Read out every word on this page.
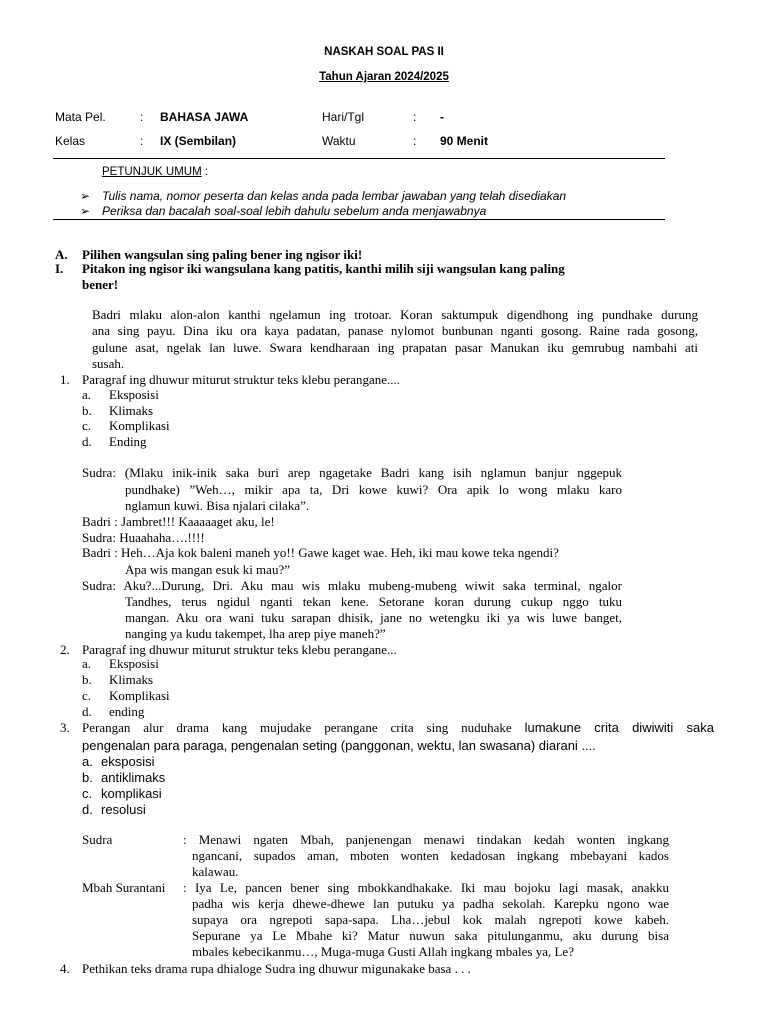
NASKAH SOAL PAS II
Tahun Ajaran 2024/2025
Mata Pel.	: BAHASA JAWA	Hari/Tgl	: -
Kelas	: IX (Sembilan)	Waktu	: 90 Menit
PETUNJUK UMUM :
➢ Tulis nama, nomor peserta dan kelas anda pada lembar jawaban yang telah disediakan
➢ Periksa dan bacalah soal-soal lebih dahulu sebelum anda menjawabnya
A. Pilihen wangsulan sing paling bener ing ngisor iki!
I. Pitakon ing ngisor iki wangsulana kang patitis, kanthi milih siji wangsulan kang paling
bener!
Badri mlaku alon-alon kanthi ngelamun ing trotoar. Koran saktumpuk digendhong ing pundhake durung
ana sing payu. Dina iku ora kaya padatan, panase nylomot bunbunan nganti gosong. Raine rada gosong,
gulune asat, ngelak lan luwe. Swara kendharaan ing prapatan pasar Manukan iku gemrubug nambahi ati
susah.
1. Paragraf ing dhuwur miturut struktur teks klebu perangane....
a. Eksposisi
b. Klimaks
c. Komplikasi
d. Ending
Sudra: (Mlaku inik-inik saka buri arep ngagetake Badri kang isih nglamun banjur nggepuk
pundhake) ”Weh…, mikir apa ta, Dri kowe kuwi? Ora apik lo wong mlaku karo
nglamun kuwi. Bisa njalari cilaka”.
Badri : Jambret!!! Kaaaaaget aku, le!
Sudra: Huaahaha….!!!!
Badri : Heh…Aja kok baleni maneh yo!! Gawe kaget wae. Heh, iki mau kowe teka ngendi?
Apa wis mangan esuk ki mau?”
Sudra: Aku?...Durung, Dri. Aku mau wis mlaku mubeng-mubeng wiwit saka terminal, ngalor
Tandhes, terus ngidul nganti tekan kene. Setorane koran durung cukup nggo tuku
mangan. Aku ora wani tuku sarapan dhisik, jane no wetengku iki ya wis luwe banget,
nanging ya kudu takempet, lha arep piye maneh?”
2. Paragraf ing dhuwur miturut struktur teks klebu perangane...
a. Eksposisi
b. Klimaks
c. Komplikasi
d. ending
3. Perangan alur drama kang mujudake perangane crita sing nuduhake lumakune crita diwiwiti saka
pengenalan para paraga, pengenalan seting (panggonan, wektu, lan swasana) diarani ....
a. eksposisi
b. antiklimaks
c. komplikasi
d. resolusi
Sudra	: Menawi ngaten Mbah, panjenengan menawi tindakan kedah wonten ingkang
ngancani, supados aman, mboten wonten kedadosan ingkang mbebayani kados
kalawau.
Mbah Surantani : Iya Le, pancen bener sing mbokkandhakake. Iki mau bojoku lagi masak, anakku
padha wis kerja dhewe-dhewe lan putuku ya padha sekolah. Karepku ngono wae
supaya ora ngrepoti sapa-sapa. Lha…jebul kok malah ngrepoti kowe kabeh.
Sepurane ya Le Mbahe ki? Matur nuwun saka pitulunganmu, aku durung bisa
mbales kebecikanmu…, Muga-muga Gusti Allah ingkang mbales ya, Le?
4. Pethikan teks drama rupa dhialoge Sudra ing dhuwur migunakake basa . . .
